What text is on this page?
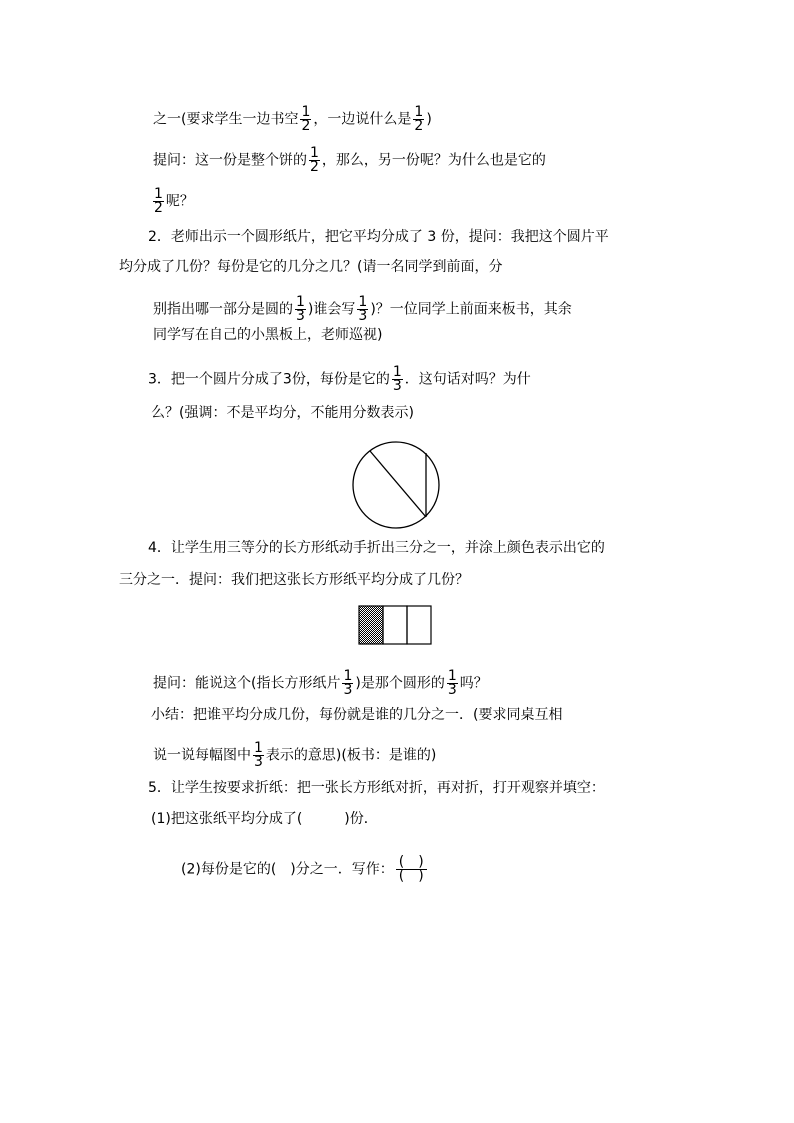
之一(要求学生一边书空 $\frac{1}{2}$ ，一边说什么是 $\frac{1}{2}$ )
提问：这一份是整个饼的 $\frac{1}{2}$ ，那么，另一份呢？为什么也是它的
$\frac{1}{2}$ 呢？
2．老师出示一个圆形纸片，把它平均分成了 3 份，提问：我把这个圆片平
均分成了几份？每份是它的几分之几？(请一名同学到前面，分
别指出哪一部分是圆的 $\frac{1}{3}$ )谁会写 $\frac{1}{3}$ )？一位同学上前面来板书，其余
同学写在自己的小黑板上，老师巡视)
3．把一个圆片分成了3份，每份是它的 $\frac{1}{3}$ ．这句话对吗？为什
么？(强调：不是平均分，不能用分数表示)
4．让学生用三等分的长方形纸动手折出三分之一，并涂上颜色表示出它的
三分之一．提问：我们把这张长方形纸平均分成了几份？
提问：能说这个(指长方形纸片 $\frac{1}{3}$ )是那个圆形的 $\frac{1}{3}$ 吗？
小结：把谁平均分成几份，每份就是谁的几分之一．(要求同桌互相
说一说每幅图中 $\frac{1}{3}$ 表示的意思)(板书：是谁的)
5．让学生按要求折纸：把一张长方形纸对折，再对折，打开观察并填空：
(1)把这张纸平均分成了(　　　)份．
(2)每份是它的(　)分之一．写作： $\frac{( )}{( )}$
